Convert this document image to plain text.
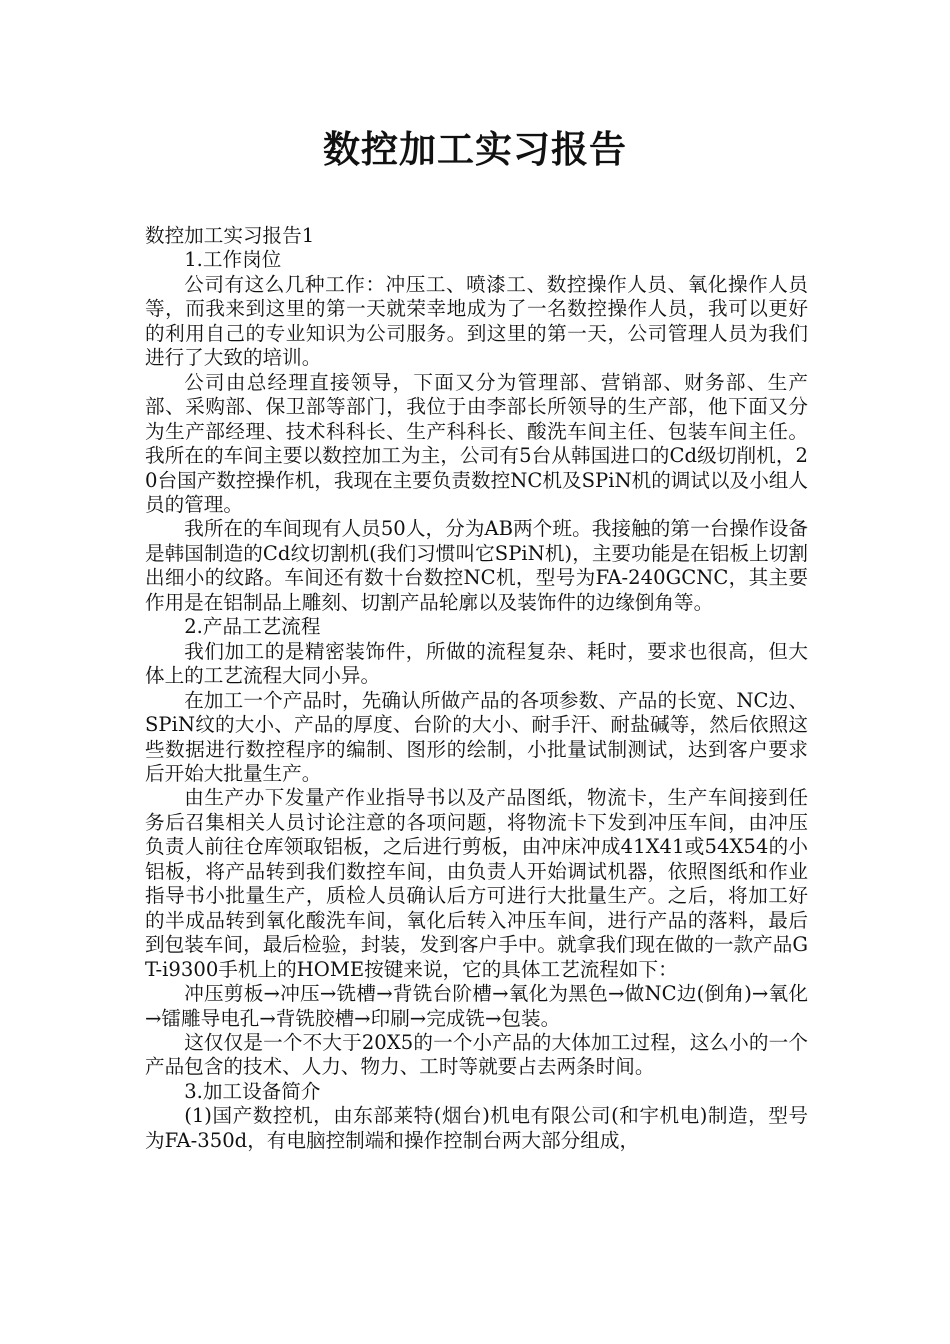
数控加工实习报告

数控加工实习报告1

1.工作岗位

公司有这么几种工作：冲压工、喷漆工、数控操作人员、氧化操作人员等，而我来到这里的第一天就荣幸地成为了一名数控操作人员，我可以更好的利用自己的专业知识为公司服务。到这里的第一天，公司管理人员为我们进行了大致的培训。

公司由总经理直接领导，下面又分为管理部、营销部、财务部、生产部、采购部、保卫部等部门，我位于由李部长所领导的生产部，他下面又分为生产部经理、技术科科长、生产科科长、酸洗车间主任、包装车间主任。我所在的车间主要以数控加工为主，公司有5台从韩国进口的Cd级切削机，20台国产数控操作机，我现在主要负责数控NC机及SPiN机的调试以及小组人员的管理。

我所在的车间现有人员50人，分为AB两个班。我接触的第一台操作设备是韩国制造的Cd纹切割机(我们习惯叫它SPiN机)，主要功能是在铝板上切割出细小的纹路。车间还有数十台数控NC机，型号为FA-240GCNC，其主要作用是在铝制品上雕刻、切割产品轮廓以及装饰件的边缘倒角等。

2.产品工艺流程

我们加工的是精密装饰件，所做的流程复杂、耗时，要求也很高，但大体上的工艺流程大同小异。

在加工一个产品时，先确认所做产品的各项参数、产品的长宽、NC边、SPiN纹的大小、产品的厚度、台阶的大小、耐手汗、耐盐碱等，然后依照这些数据进行数控程序的编制、图形的绘制，小批量试制测试，达到客户要求后开始大批量生产。

由生产办下发量产作业指导书以及产品图纸，物流卡，生产车间接到任务后召集相关人员讨论注意的各项问题，将物流卡下发到冲压车间，由冲压负责人前往仓库领取铝板，之后进行剪板，由冲床冲成41X41或54X54的小铝板，将产品转到我们数控车间，由负责人开始调试机器，依照图纸和作业指导书小批量生产，质检人员确认后方可进行大批量生产。之后，将加工好的半成品转到氧化酸洗车间，氧化后转入冲压车间，进行产品的落料，最后到包装车间，最后检验，封装，发到客户手中。就拿我们现在做的一款产品GT-i9300手机上的HOME按键来说，它的具体工艺流程如下：

冲压剪板→冲压→铣槽→背铣台阶槽→氧化为黑色→做NC边(倒角)→氧化→镭雕导电孔→背铣胶槽→印刷→完成铣→包装。

这仅仅是一个不大于20X5的一个小产品的大体加工过程，这么小的一个产品包含的技术、人力、物力、工时等就要占去两条时间。

3.加工设备简介

(1)国产数控机，由东部莱特(烟台)机电有限公司(和宇机电)制造，型号为FA-350d，有电脑控制端和操作控制台两大部分组成，
